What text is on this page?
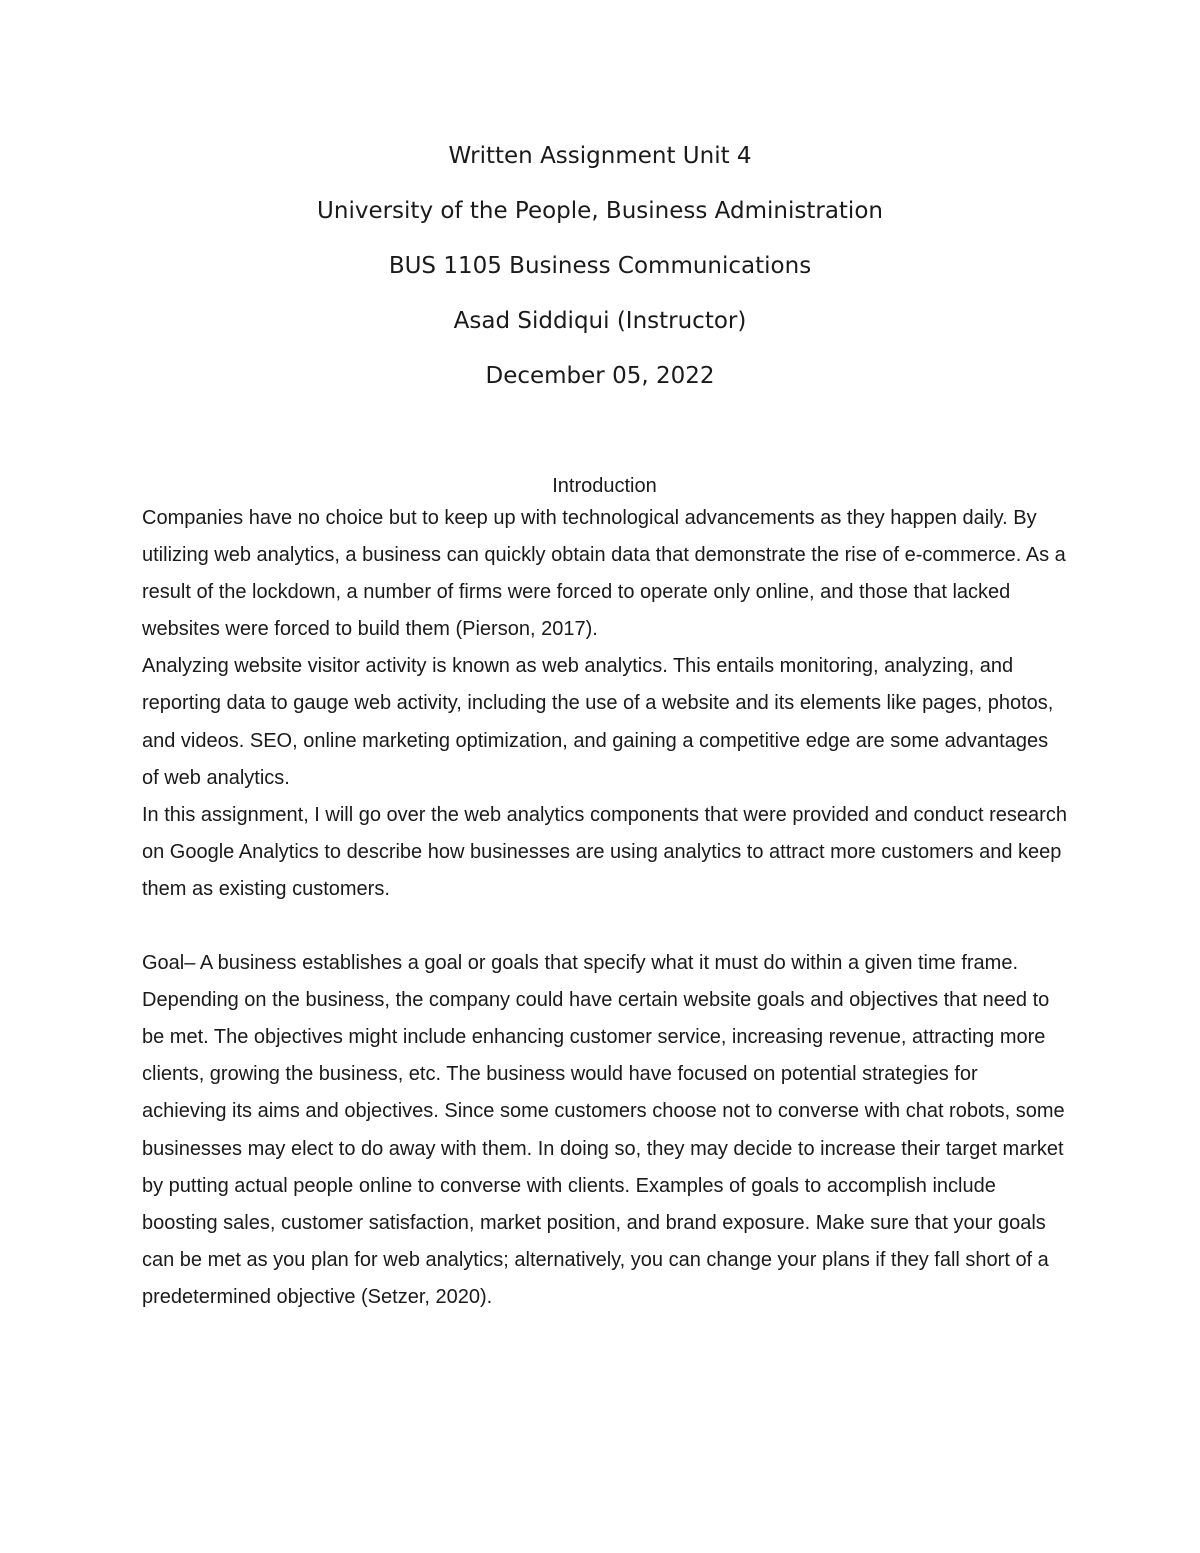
Written Assignment Unit 4

University of the People, Business Administration

BUS 1105 Business Communications

Asad Siddiqui (Instructor)

December 05, 2022

Introduction

Companies have no choice but to keep up with technological advancements as they happen daily. By utilizing web analytics, a business can quickly obtain data that demonstrate the rise of e-commerce. As a result of the lockdown, a number of firms were forced to operate only online, and those that lacked websites were forced to build them (Pierson, 2017).

Analyzing website visitor activity is known as web analytics. This entails monitoring, analyzing, and reporting data to gauge web activity, including the use of a website and its elements like pages, photos, and videos. SEO, online marketing optimization, and gaining a competitive edge are some advantages of web analytics.

In this assignment, I will go over the web analytics components that were provided and conduct research on Google Analytics to describe how businesses are using analytics to attract more customers and keep them as existing customers.

Goal– A business establishes a goal or goals that specify what it must do within a given time frame. Depending on the business, the company could have certain website goals and objectives that need to be met. The objectives might include enhancing customer service, increasing revenue, attracting more clients, growing the business, etc. The business would have focused on potential strategies for achieving its aims and objectives. Since some customers choose not to converse with chat robots, some businesses may elect to do away with them. In doing so, they may decide to increase their target market by putting actual people online to converse with clients. Examples of goals to accomplish include boosting sales, customer satisfaction, market position, and brand exposure. Make sure that your goals can be met as you plan for web analytics; alternatively, you can change your plans if they fall short of a predetermined objective (Setzer, 2020).
